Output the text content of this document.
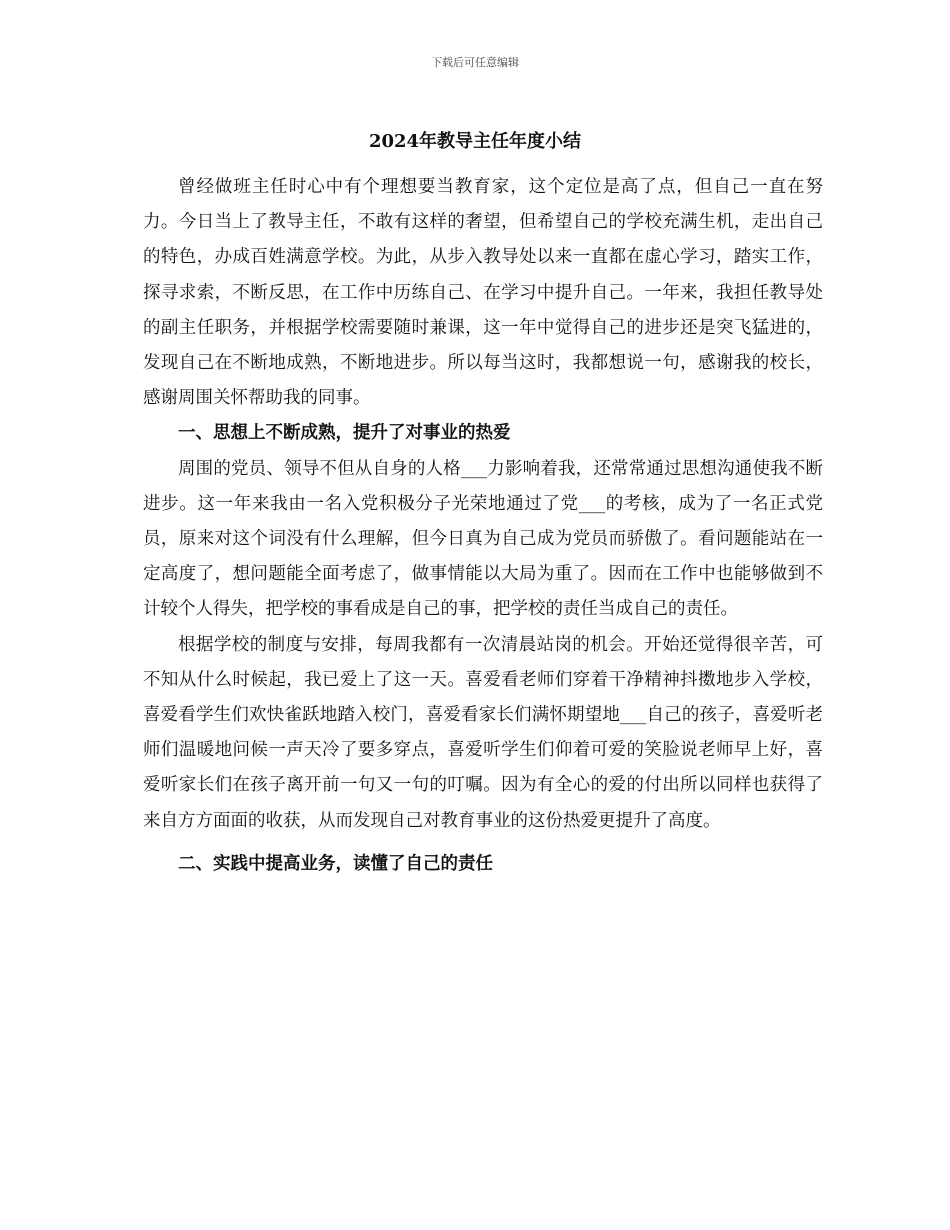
下载后可任意编辑
2024年教导主任年度小结

曾经做班主任时心中有个理想要当教育家，这个定位是高了点，但自己一直在努力。今日当上了教导主任，不敢有这样的奢望，但希望自己的学校充满生机，走出自己的特色，办成百姓满意学校。为此，从步入教导处以来一直都在虚心学习，踏实工作，探寻求索，不断反思，在工作中历练自己、在学习中提升自己。一年来，我担任教导处的副主任职务，并根据学校需要随时兼课，这一年中觉得自己的进步还是突飞猛进的，发现自己在不断地成熟，不断地进步。所以每当这时，我都想说一句，感谢我的校长，感谢周围关怀帮助我的同事。

一、思想上不断成熟，提升了对事业的热爱

周围的党员、领导不但从自身的人格___力影响着我，还常常通过思想沟通使我不断进步。这一年来我由一名入党积极分子光荣地通过了党___的考核，成为了一名正式党员，原来对这个词没有什么理解，但今日真为自己成为党员而骄傲了。看问题能站在一定高度了，想问题能全面考虑了，做事情能以大局为重了。因而在工作中也能够做到不计较个人得失，把学校的事看成是自己的事，把学校的责任当成自己的责任。

根据学校的制度与安排，每周我都有一次清晨站岗的机会。开始还觉得很辛苦，可不知从什么时候起，我已爱上了这一天。喜爱看老师们穿着干净精神抖擞地步入学校，喜爱看学生们欢快雀跃地踏入校门，喜爱看家长们满怀期望地___自己的孩子，喜爱听老师们温暖地问候一声天冷了要多穿点，喜爱听学生们仰着可爱的笑脸说老师早上好，喜爱听家长们在孩子离开前一句又一句的叮嘱。因为有全心的爱的付出所以同样也获得了来自方方面面的收获，从而发现自己对教育事业的这份热爱更提升了高度。

二、实践中提高业务，读懂了自己的责任
